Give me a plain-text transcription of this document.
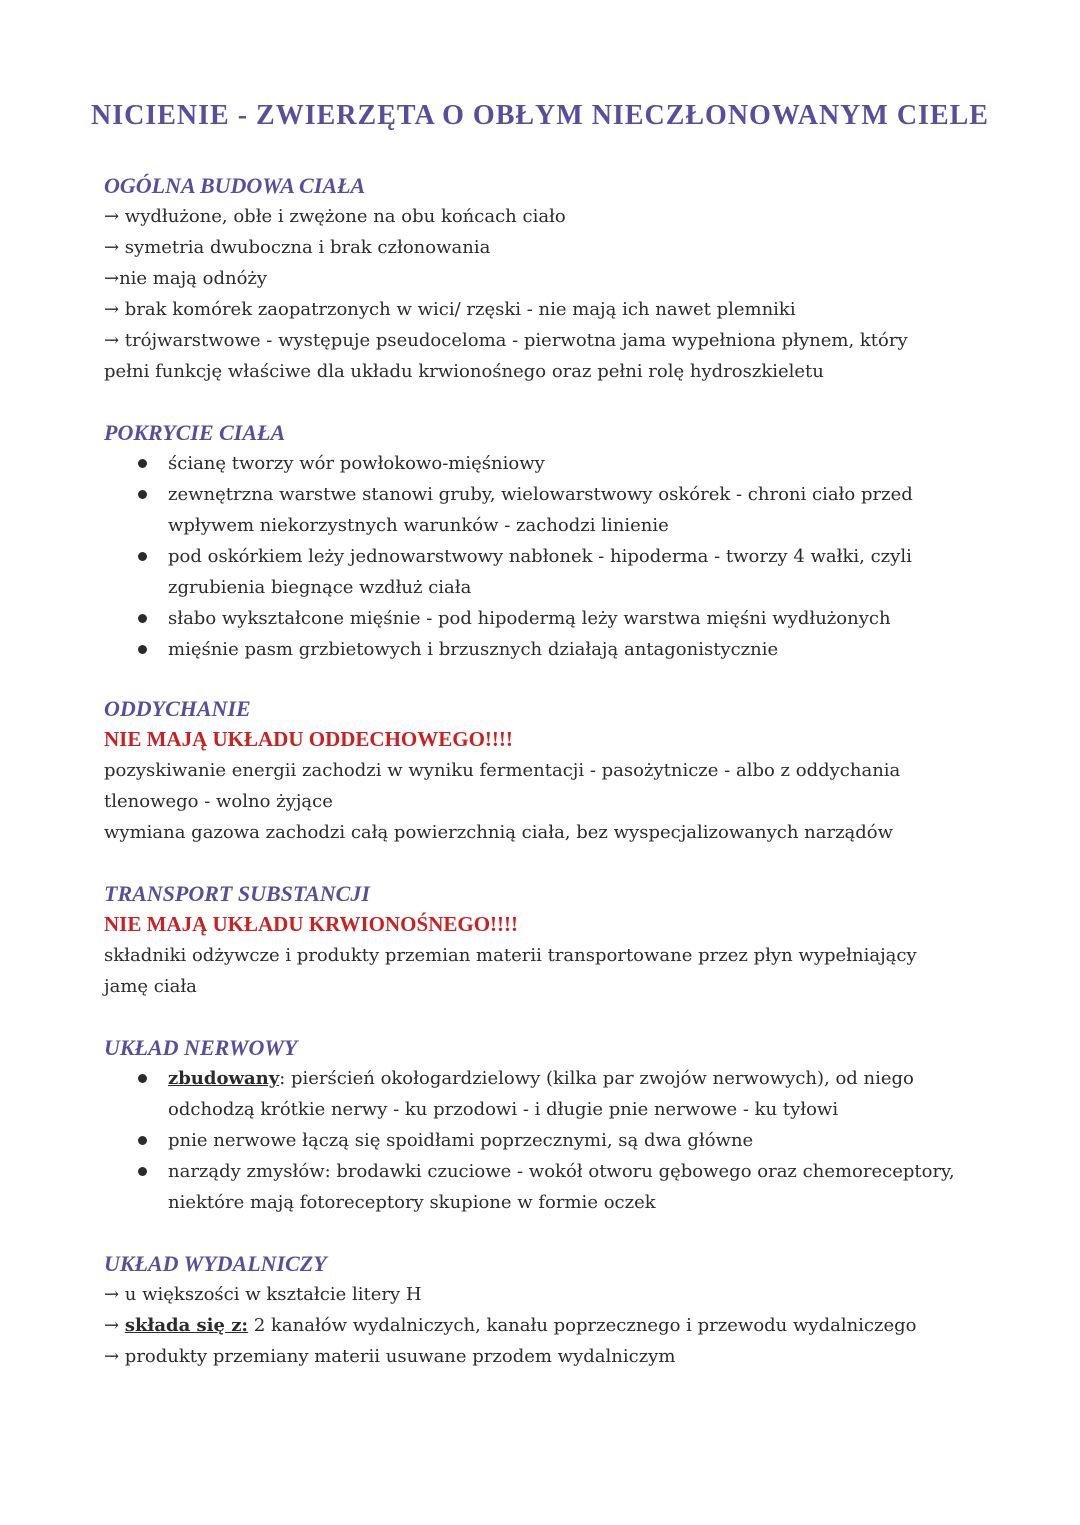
NICIENIE - ZWIERZĘTA O OBŁYM NIECZŁONOWANYM CIELE
OGÓLNA BUDOWA CIAŁA
→ wydłużone, obłe i zwężone na obu końcach ciało
→ symetria dwuboczna i brak członowania
→nie mają odnóży
→ brak komórek zaopatrzonych w wici/ rzęski - nie mają ich nawet plemniki
→ trójwarstwowe - występuje pseudoceloma - pierwotna jama wypełniona płynem, który
pełni funkcję właściwe dla układu krwionośnego oraz pełni rolę hydroszkieletu
POKRYCIE CIAŁA
ścianę tworzy wór powłokowo-mięśniowy
zewnętrzna warstwe stanowi gruby, wielowarstwowy oskórek - chroni ciało przed
wpływem niekorzystnych warunków - zachodzi linienie
pod oskórkiem leży jednowarstwowy nabłonek - hipoderma - tworzy 4 wałki, czyli
zgrubienia biegnące wzdłuż ciała
słabo wykształcone mięśnie - pod hipodermą leży warstwa mięśni wydłużonych
mięśnie pasm grzbietowych i brzusznych działają antagonistycznie
ODDYCHANIE
NIE MAJĄ UKŁADU ODDECHOWEGO!!!!
pozyskiwanie energii zachodzi w wyniku fermentacji - pasożytnicze - albo z oddychania
tlenowego - wolno żyjące
wymiana gazowa zachodzi całą powierzchnią ciała, bez wyspecjalizowanych narządów
TRANSPORT SUBSTANCJI
NIE MAJĄ UKŁADU KRWIONOŚNEGO!!!!
składniki odżywcze i produkty przemian materii transportowane przez płyn wypełniający
jamę ciała
UKŁAD NERWOWY
zbudowany: pierścień okołogardzielowy (kilka par zwojów nerwowych), od niego
odchodzą krótkie nerwy - ku przodowi - i długie pnie nerwowe - ku tyłowi
pnie nerwowe łączą się spoidłami poprzecznymi, są dwa główne
narządy zmysłów: brodawki czuciowe - wokół otworu gębowego oraz chemoreceptory,
niektóre mają fotoreceptory skupione w formie oczek
UKŁAD WYDALNICZY
→ u większości w kształcie litery H
→ składa się z: 2 kanałów wydalniczych, kanału poprzecznego i przewodu wydalniczego
→ produkty przemiany materii usuwane przodem wydalniczym
